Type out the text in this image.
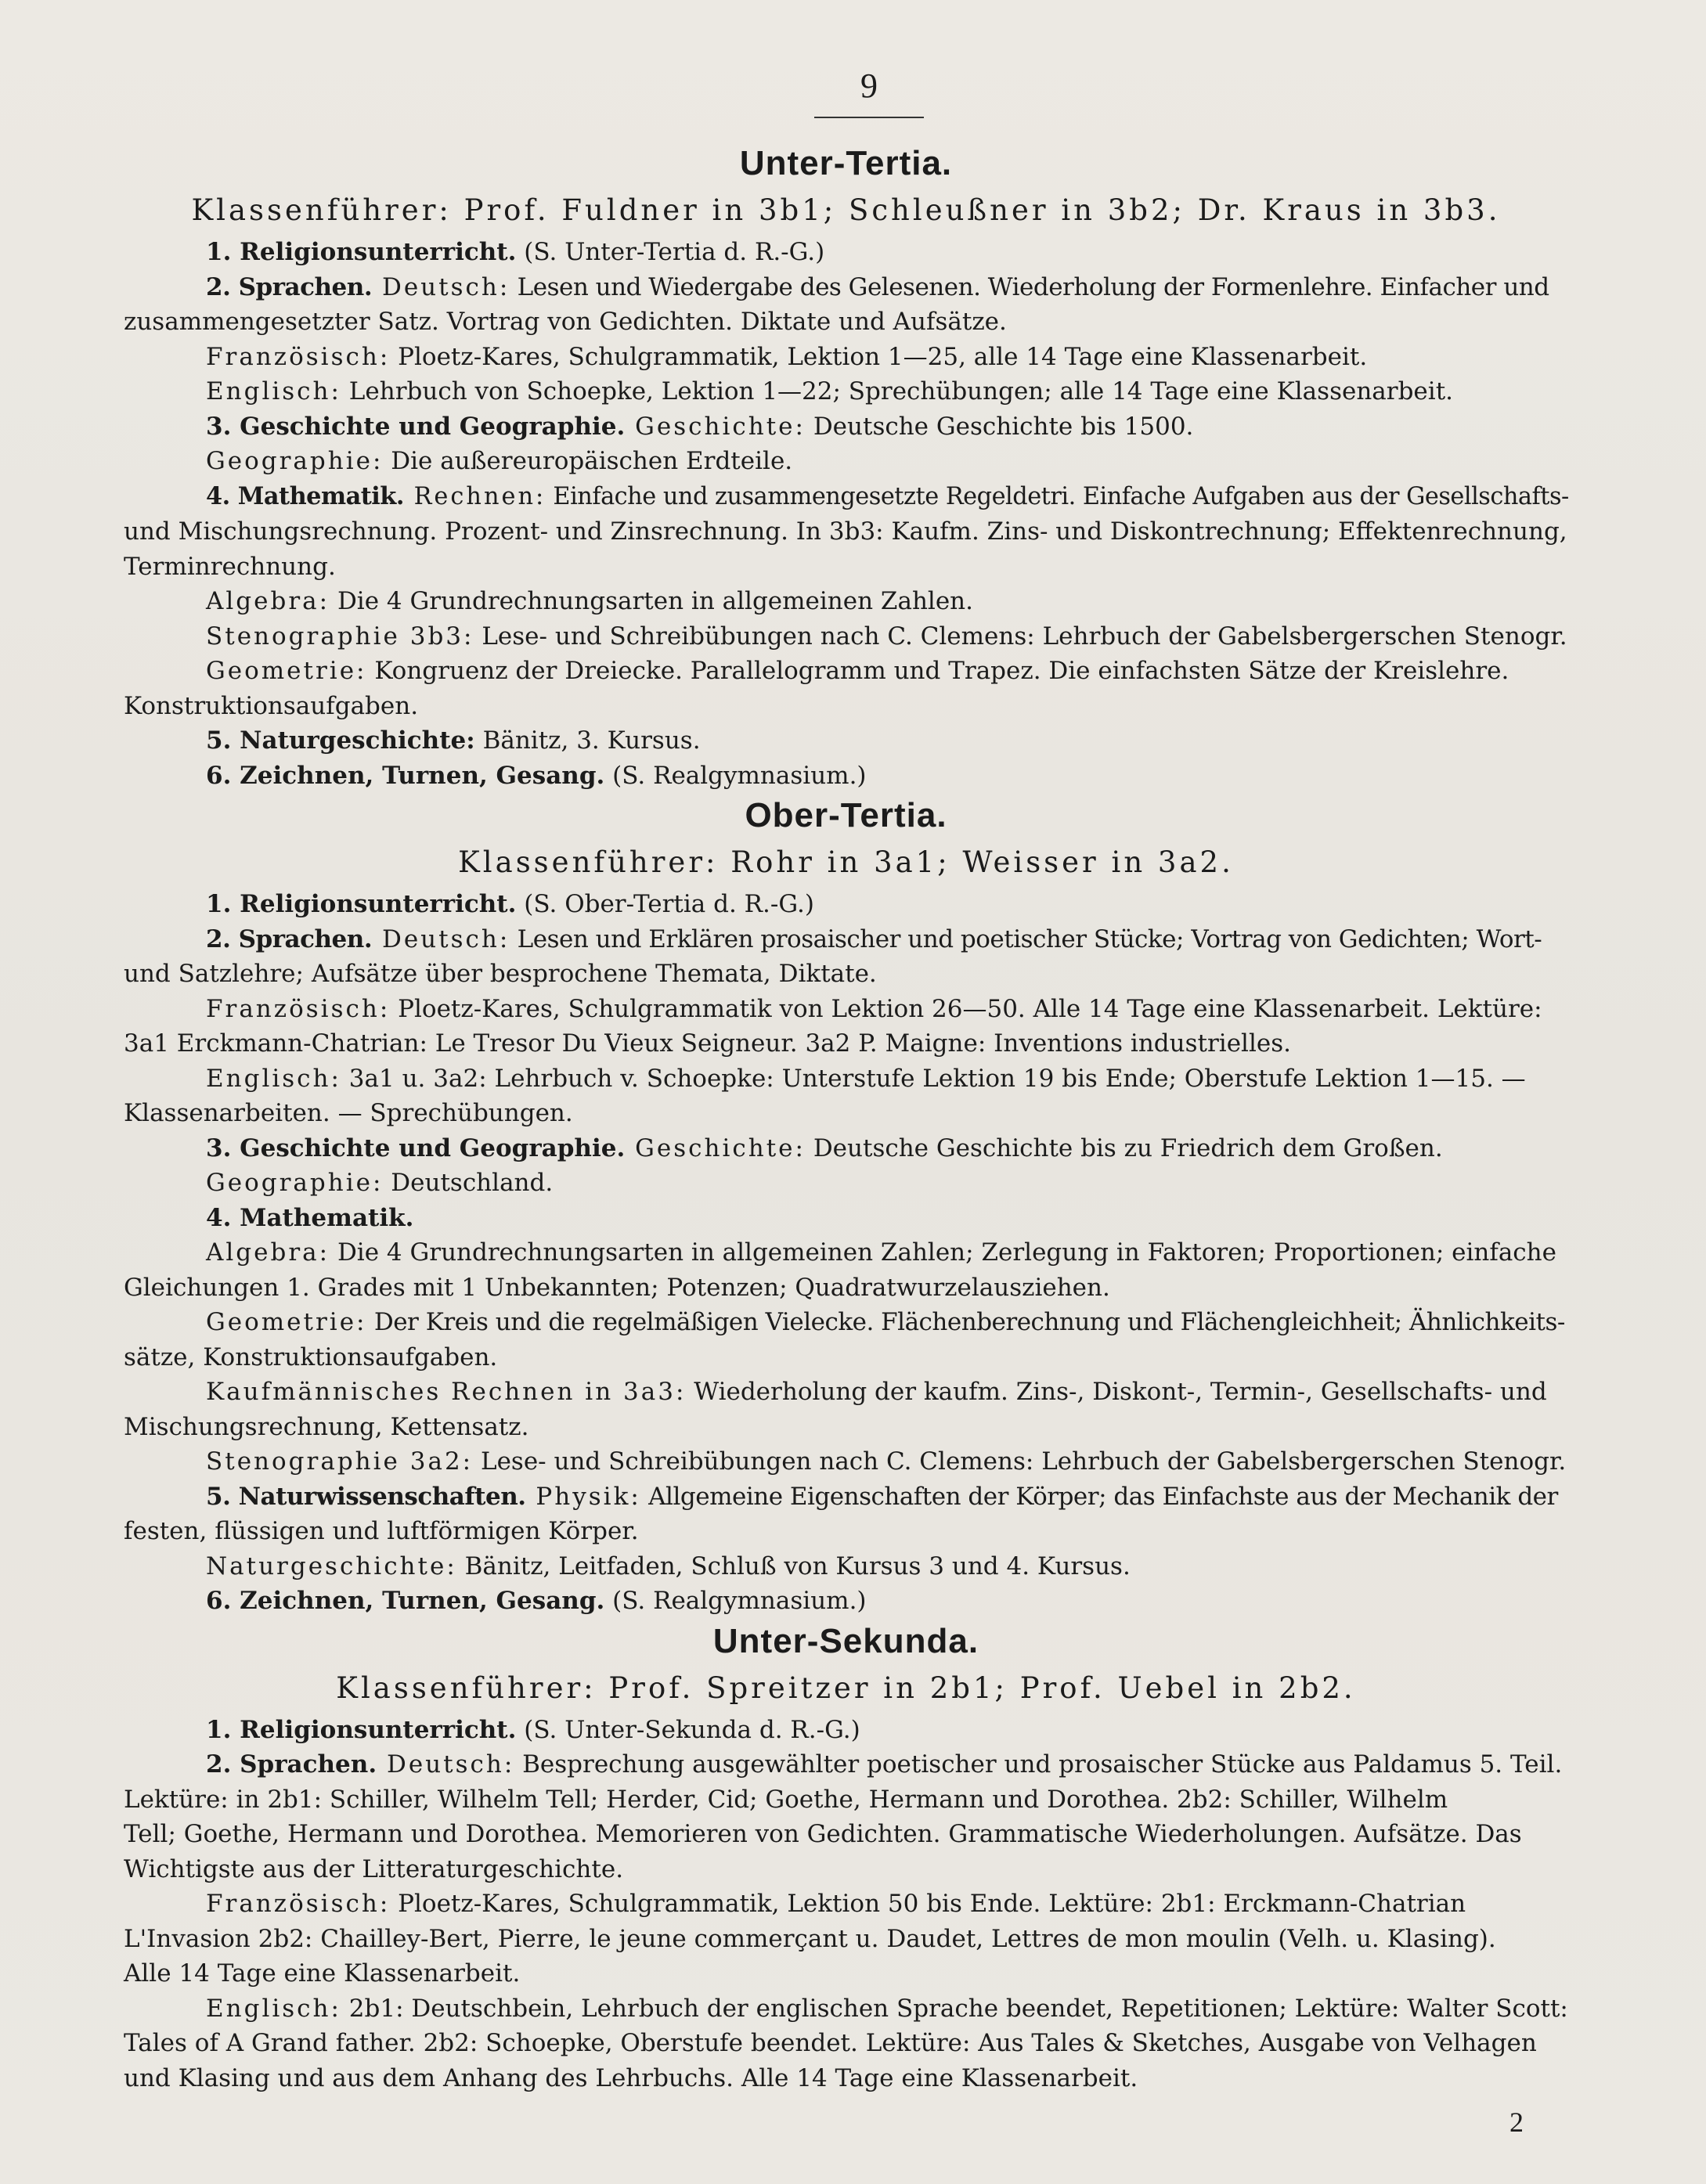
9
Unter-Tertia.

Klassenführer: Prof. Fuldner in 3b1; Schleußner in 3b2; Dr. Kraus in 3b3.

1. Religionsunterricht. (S. Unter-Tertia d. R.-G.)

2. Sprachen. Deutsch: Lesen und Wiedergabe des Gelesenen. Wiederholung der Formenlehre. Einfacher und

zusammengesetzter Satz. Vortrag von Gedichten. Diktate und Aufsätze.

Französisch: Ploetz-Kares, Schulgrammatik, Lektion 1—25, alle 14 Tage eine Klassenarbeit.

Englisch: Lehrbuch von Schoepke, Lektion 1—22; Sprechübungen; alle 14 Tage eine Klassenarbeit.

3. Geschichte und Geographie. Geschichte: Deutsche Geschichte bis 1500.

Geographie: Die außereuropäischen Erdteile.

4. Mathematik. Rechnen: Einfache und zusammengesetzte Regeldetri. Einfache Aufgaben aus der Gesellschafts-

und Mischungsrechnung. Prozent- und Zinsrechnung. In 3b3: Kaufm. Zins- und Diskontrechnung; Effektenrechnung,

Terminrechnung.

Algebra: Die 4 Grundrechnungsarten in allgemeinen Zahlen.

Stenographie 3b3: Lese- und Schreibübungen nach C. Clemens: Lehrbuch der Gabelsbergerschen Stenogr.

Geometrie: Kongruenz der Dreiecke. Parallelogramm und Trapez. Die einfachsten Sätze der Kreislehre.

Konstruktionsaufgaben.

5. Naturgeschichte: Bänitz, 3. Kursus.

6. Zeichnen, Turnen, Gesang. (S. Realgymnasium.)

Ober-Tertia.

Klassenführer: Rohr in 3a1; Weisser in 3a2.

1. Religionsunterricht. (S. Ober-Tertia d. R.-G.)

2. Sprachen. Deutsch: Lesen und Erklären prosaischer und poetischer Stücke; Vortrag von Gedichten; Wort-

und Satzlehre; Aufsätze über besprochene Themata, Diktate.

Französisch: Ploetz-Kares, Schulgrammatik von Lektion 26—50. Alle 14 Tage eine Klassenarbeit. Lektüre:

3a1 Erckmann-Chatrian: Le Tresor Du Vieux Seigneur. 3a2 P. Maigne: Inventions industrielles.

Englisch: 3a1 u. 3a2: Lehrbuch v. Schoepke: Unterstufe Lektion 19 bis Ende; Oberstufe Lektion 1—15. —

Klassenarbeiten. — Sprechübungen.

3. Geschichte und Geographie. Geschichte: Deutsche Geschichte bis zu Friedrich dem Großen.

Geographie: Deutschland.

4. Mathematik.

Algebra: Die 4 Grundrechnungsarten in allgemeinen Zahlen; Zerlegung in Faktoren; Proportionen; einfache

Gleichungen 1. Grades mit 1 Unbekannten; Potenzen; Quadratwurzelausziehen.

Geometrie: Der Kreis und die regelmäßigen Vielecke. Flächenberechnung und Flächengleichheit; Ähnlichkeits-

sätze, Konstruktionsaufgaben.

Kaufmännisches Rechnen in 3a3: Wiederholung der kaufm. Zins-, Diskont-, Termin-, Gesellschafts- und

Mischungsrechnung, Kettensatz.

Stenographie 3a2: Lese- und Schreibübungen nach C. Clemens: Lehrbuch der Gabelsbergerschen Stenogr.

5. Naturwissenschaften. Physik: Allgemeine Eigenschaften der Körper; das Einfachste aus der Mechanik der

festen, flüssigen und luftförmigen Körper.

Naturgeschichte: Bänitz, Leitfaden, Schluß von Kursus 3 und 4. Kursus.

6. Zeichnen, Turnen, Gesang. (S. Realgymnasium.)

Unter-Sekunda.

Klassenführer: Prof. Spreitzer in 2b1; Prof. Uebel in 2b2.

1. Religionsunterricht. (S. Unter-Sekunda d. R.-G.)

2. Sprachen. Deutsch: Besprechung ausgewählter poetischer und prosaischer Stücke aus Paldamus 5. Teil.

Lektüre: in 2b1: Schiller, Wilhelm Tell; Herder, Cid; Goethe, Hermann und Dorothea. 2b2: Schiller, Wilhelm

Tell; Goethe, Hermann und Dorothea. Memorieren von Gedichten. Grammatische Wiederholungen. Aufsätze. Das

Wichtigste aus der Litteraturgeschichte.

Französisch: Ploetz-Kares, Schulgrammatik, Lektion 50 bis Ende. Lektüre: 2b1: Erckmann-Chatrian

L'Invasion 2b2: Chailley-Bert, Pierre, le jeune commerçant u. Daudet, Lettres de mon moulin (Velh. u. Klasing).

Alle 14 Tage eine Klassenarbeit.

Englisch: 2b1: Deutschbein, Lehrbuch der englischen Sprache beendet, Repetitionen; Lektüre: Walter Scott:

Tales of A Grand father. 2b2: Schoepke, Oberstufe beendet. Lektüre: Aus Tales & Sketches, Ausgabe von Velhagen

und Klasing und aus dem Anhang des Lehrbuchs. Alle 14 Tage eine Klassenarbeit.

2
